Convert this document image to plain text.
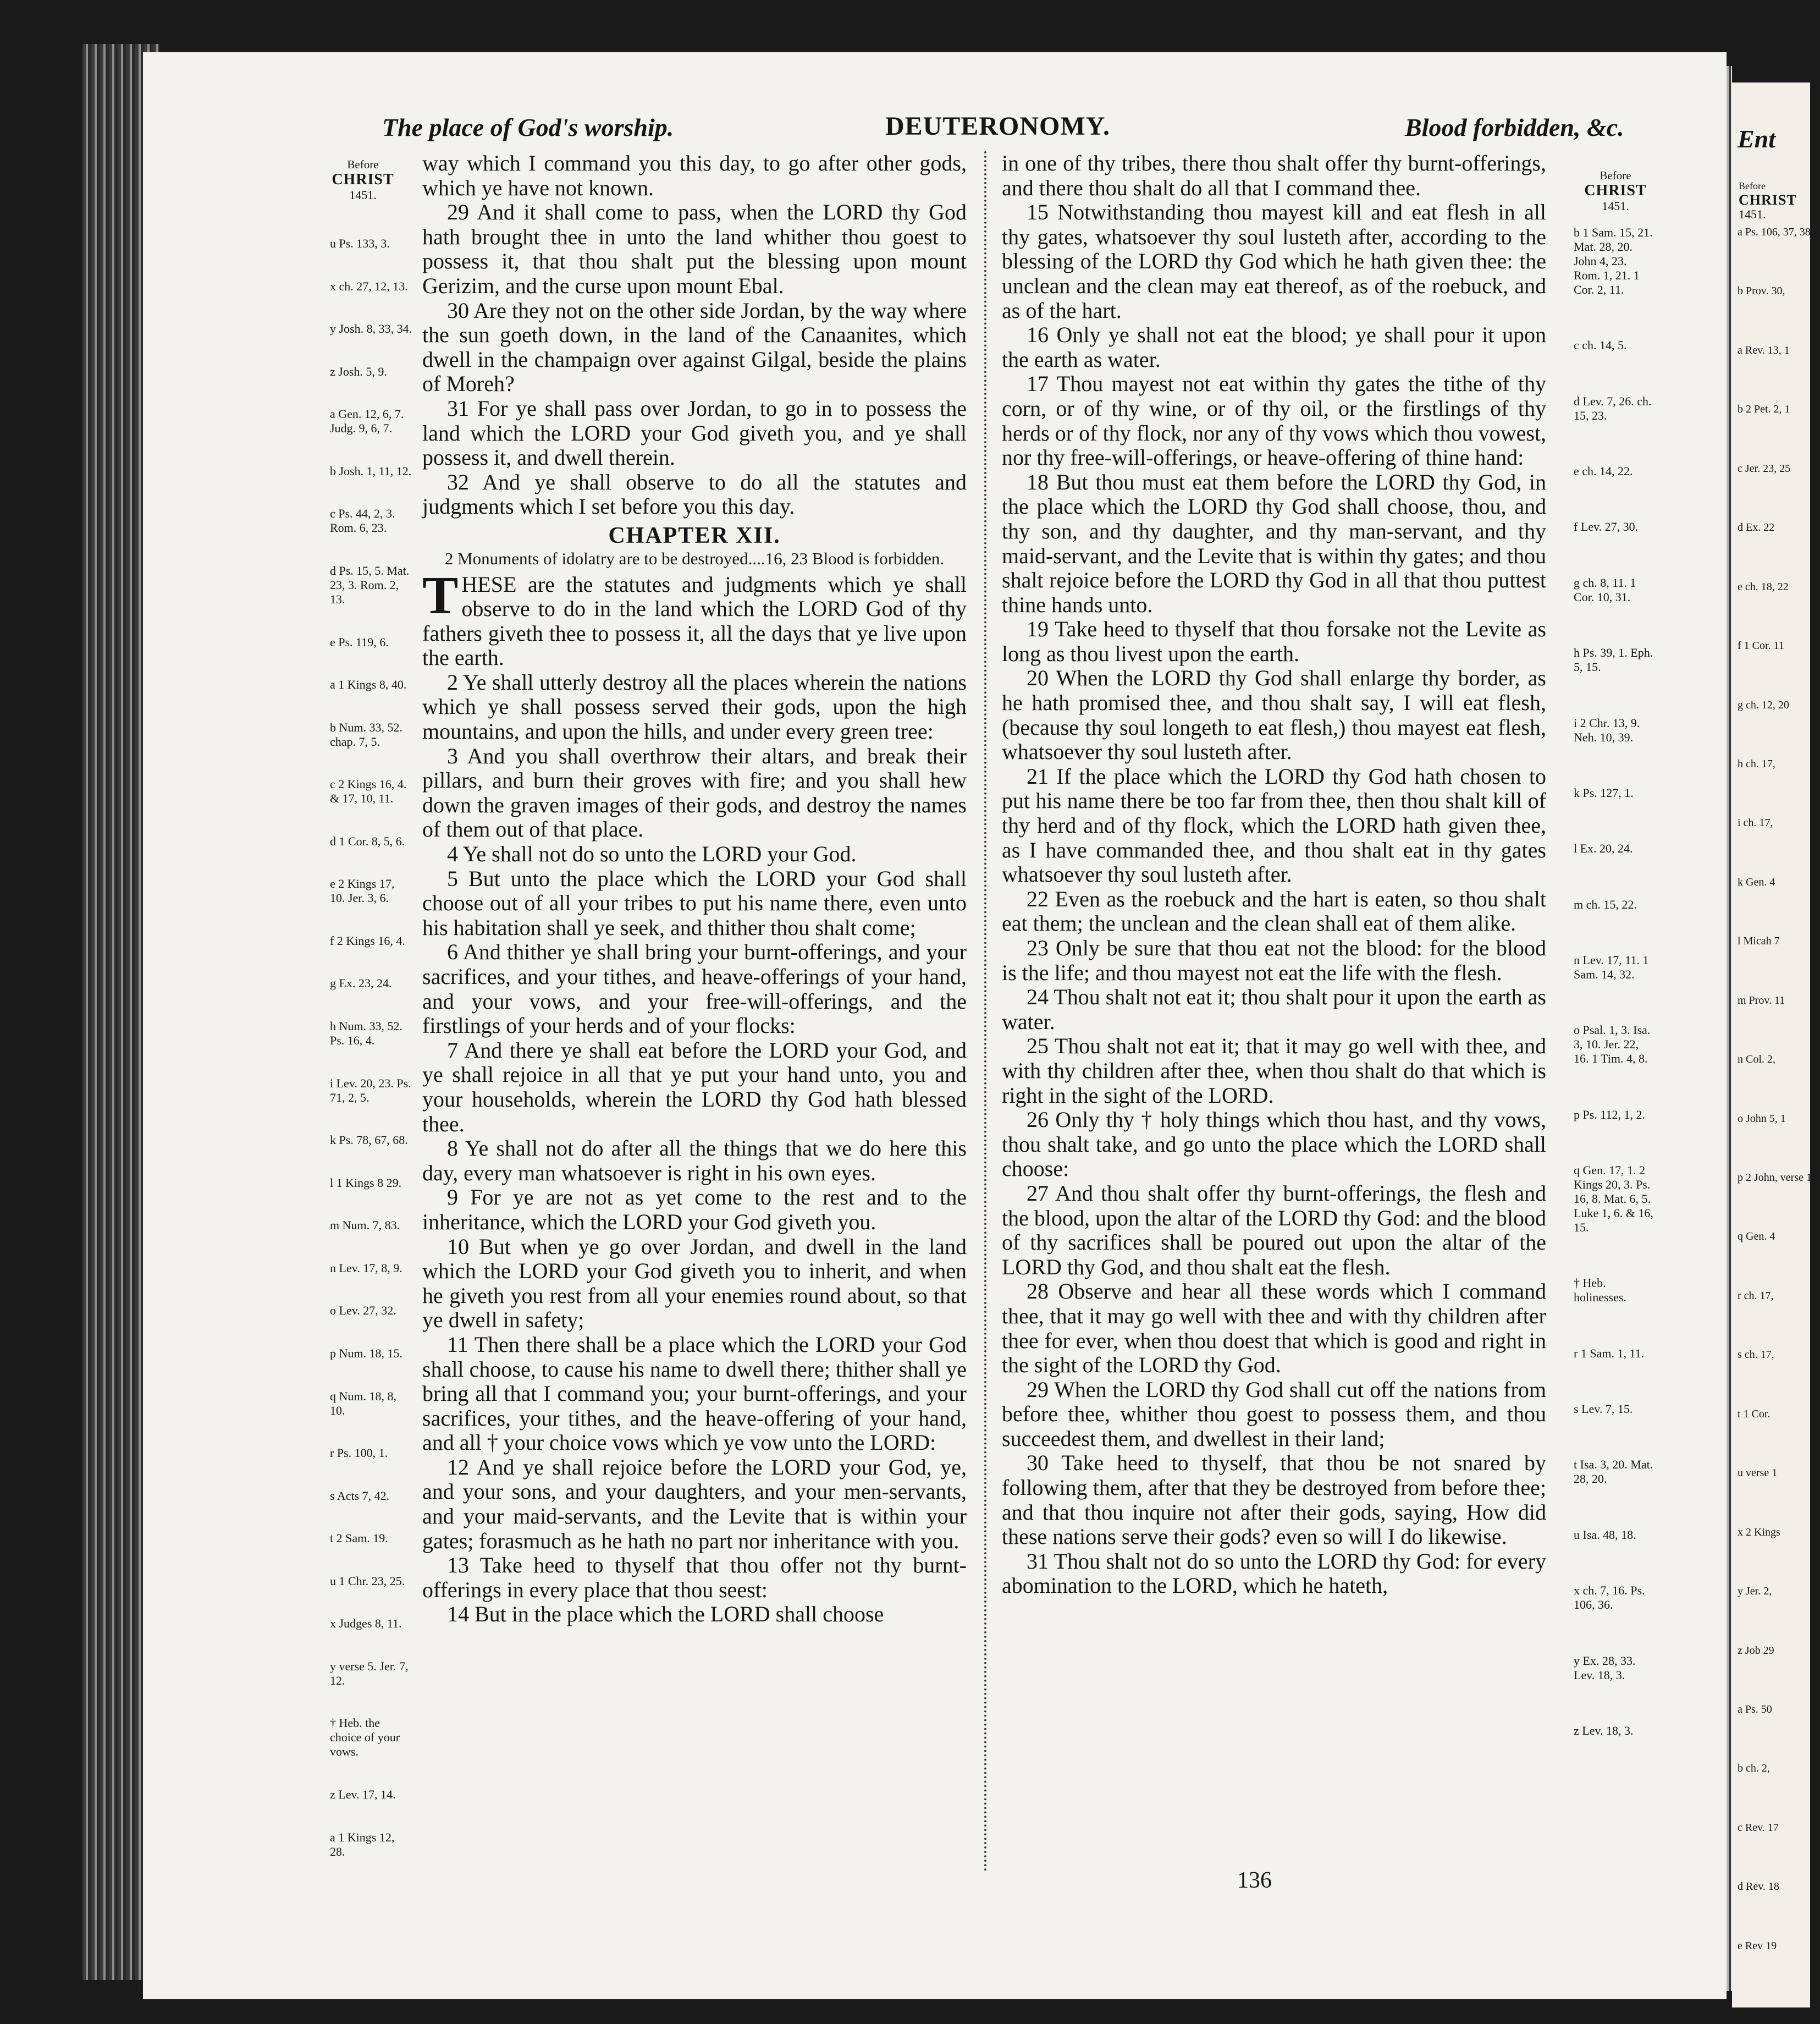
The place of God's worship.	DEUTERONOMY.	Blood forbidden, &c.
Before
CHRIST
1451.
Before
CHRIST
1451.
u Ps. 133, 3.
x ch. 27, 12, 13.
y Josh. 8, 33, 34.
z Josh. 5, 9.
a Gen. 12, 6, 7. Judg. 9, 6, 7.
b Josh. 1, 11, 12.
c Ps. 44, 2, 3. Rom. 6, 23.
d Ps. 15, 5. Mat. 23, 3. Rom. 2, 13.
e Ps. 119, 6.
a 1 Kings 8, 40.
b Num. 33, 52. chap. 7, 5.
c 2 Kings 16, 4. & 17, 10, 11.
d 1 Cor. 8, 5, 6.
e 2 Kings 17, 10. Jer. 3, 6.
f 2 Kings 16, 4.
g Ex. 23, 24.
h Num. 33, 52. Ps. 16, 4.
i Lev. 20, 23. Ps. 71, 2, 5.
k Ps. 78, 67, 68.
l 1 Kings 8 29.
m Num. 7, 83.
n Lev. 17, 8, 9.
o Lev. 27, 32.
p Num. 18, 15.
q Num. 18, 8, 10.
r Ps. 100, 1.
s Acts 7, 42.
t 2 Sam. 19.
u 1 Chr. 23, 25.
x Judges 8, 11.
y verse 5. Jer. 7, 12.
† Heb. the choice of your vows.
z Lev. 17, 14.
a 1 Kings 12, 28.
b 1 Sam. 15, 21. Mat. 28, 20. John 4, 23. Rom. 1, 21. 1 Cor. 2, 11.
c ch. 14, 5.
d Lev. 7, 26. ch. 15, 23.
e ch. 14, 22.
f Lev. 27, 30.
g ch. 8, 11. 1 Cor. 10, 31.
h Ps. 39, 1. Eph. 5, 15.
i 2 Chr. 13, 9. Neh. 10, 39.
k Ps. 127, 1.
l Ex. 20, 24.
m ch. 15, 22.
n Lev. 17, 11. 1 Sam. 14, 32.
o Psal. 1, 3. Isa. 3, 10. Jer. 22, 16. 1 Tim. 4, 8.
p Ps. 112, 1, 2.
q Gen. 17, 1. 2 Kings 20, 3. Ps. 16, 8. Mat. 6, 5. Luke 1, 6. & 16, 15.
† Heb. holinesses.
r 1 Sam. 1, 11.
s Lev. 7, 15.
t Isa. 3, 20. Mat. 28, 20.
u Isa. 48, 18.
x ch. 7, 16. Ps. 106, 36.
y Ex. 28, 33. Lev. 18, 3.
z Lev. 18, 3.

way which I command you this day, to go after other gods, which ye have not known.

29 And it shall come to pass, when the LORD thy God hath brought thee in unto the land whither thou goest to possess it, that thou shalt put the blessing upon mount Gerizim, and the curse upon mount Ebal.

30 Are they not on the other side Jordan, by the way where the sun goeth down, in the land of the Canaanites, which dwell in the champaign over against Gilgal, beside the plains of Moreh?

31 For ye shall pass over Jordan, to go in to possess the land which the LORD your God giveth you, and ye shall possess it, and dwell therein.

32 And ye shall observe to do all the statutes and judgments which I set before you this day.

CHAPTER XII.
2 Monuments of idolatry are to be destroyed....16, 23 Blood is forbidden.

THESE are the statutes and judgments which ye shall observe to do in the land which the LORD God of thy fathers giveth thee to possess it, all the days that ye live upon the earth.

2 Ye shall utterly destroy all the places wherein the nations which ye shall possess served their gods, upon the high mountains, and upon the hills, and under every green tree:

3 And you shall overthrow their altars, and break their pillars, and burn their groves with fire; and you shall hew down the graven images of their gods, and destroy the names of them out of that place.

4 Ye shall not do so unto the LORD your God.

5 But unto the place which the LORD your God shall choose out of all your tribes to put his name there, even unto his habitation shall ye seek, and thither thou shalt come;

6 And thither ye shall bring your burnt-offerings, and your sacrifices, and your tithes, and heave-offerings of your hand, and your vows, and your free-will-offerings, and the firstlings of your herds and of your flocks:

7 And there ye shall eat before the LORD your God, and ye shall rejoice in all that ye put your hand unto, you and your households, wherein the LORD thy God hath blessed thee.

8 Ye shall not do after all the things that we do here this day, every man whatsoever is right in his own eyes.

9 For ye are not as yet come to the rest and to the inheritance, which the LORD your God giveth you.

10 But when ye go over Jordan, and dwell in the land which the LORD your God giveth you to inherit, and when he giveth you rest from all your enemies round about, so that ye dwell in safety;

11 Then there shall be a place which the LORD your God shall choose, to cause his name to dwell there; thither shall ye bring all that I command you; your burnt-offerings, and your sacrifices, your tithes, and the heave-offering of your hand, and all † your choice vows which ye vow unto the LORD:

12 And ye shall rejoice before the LORD your God, ye, and your sons, and your daughters, and your men-servants, and your maid-servants, and the Levite that is within your gates; forasmuch as he hath no part nor inheritance with you.

13 Take heed to thyself that thou offer not thy burnt-offerings in every place that thou seest:

14 But in the place which the LORD shall choose

in one of thy tribes, there thou shalt offer thy burnt-offerings, and there thou shalt do all that I command thee.

15 Notwithstanding thou mayest kill and eat flesh in all thy gates, whatsoever thy soul lusteth after, according to the blessing of the LORD thy God which he hath given thee: the unclean and the clean may eat thereof, as of the roebuck, and as of the hart.

16 Only ye shall not eat the blood; ye shall pour it upon the earth as water.

17 Thou mayest not eat within thy gates the tithe of thy corn, or of thy wine, or of thy oil, or the firstlings of thy herds or of thy flock, nor any of thy vows which thou vowest, nor thy free-will-offerings, or heave-offering of thine hand:

18 But thou must eat them before the LORD thy God, in the place which the LORD thy God shall choose, thou, and thy son, and thy daughter, and thy man-servant, and thy maid-servant, and the Levite that is within thy gates; and thou shalt rejoice before the LORD thy God in all that thou puttest thine hands unto.

19 Take heed to thyself that thou forsake not the Levite as long as thou livest upon the earth.

20 When the LORD thy God shall enlarge thy border, as he hath promised thee, and thou shalt say, I will eat flesh, (because thy soul longeth to eat flesh,) thou mayest eat flesh, whatsoever thy soul lusteth after.

21 If the place which the LORD thy God hath chosen to put his name there be too far from thee, then thou shalt kill of thy herd and of thy flock, which the LORD hath given thee, as I have commanded thee, and thou shalt eat in thy gates whatsoever thy soul lusteth after.

22 Even as the roebuck and the hart is eaten, so thou shalt eat them; the unclean and the clean shall eat of them alike.

23 Only be sure that thou eat not the blood: for the blood is the life; and thou mayest not eat the life with the flesh.

24 Thou shalt not eat it; thou shalt pour it upon the earth as water.

25 Thou shalt not eat it; that it may go well with thee, and with thy children after thee, when thou shalt do that which is right in the sight of the LORD.

26 Only thy † holy things which thou hast, and thy vows, thou shalt take, and go unto the place which the LORD shall choose:

27 And thou shalt offer thy burnt-offerings, the flesh and the blood, upon the altar of the LORD thy God: and the blood of thy sacrifices shall be poured out upon the altar of the LORD thy God, and thou shalt eat the flesh.

28 Observe and hear all these words which I command thee, that it may go well with thee and with thy children after thee for ever, when thou doest that which is good and right in the sight of the LORD thy God.

29 When the LORD thy God shall cut off the nations from before thee, whither thou goest to possess them, and thou succeedest them, and dwellest in their land;

30 Take heed to thyself, that thou be not snared by following them, after that they be destroyed from before thee; and that thou inquire not after their gods, saying, How did these nations serve their gods? even so will I do likewise.

31 Thou shalt not do so unto the LORD thy God: for every abomination to the LORD, which he hateth,

136
Ent
Before
CHRIST
1451.
a Ps. 106, 37, 38.
b Prov. 30,
a Rev. 13, 1
b 2 Pet. 2, 1
c Jer. 23, 25
d Ex. 22
e ch. 18, 22
f 1 Cor. 11
g ch. 12, 20
h ch. 17,
i ch. 17,
k Gen. 4
l Micah 7
m Prov. 11
n Col. 2,
o John 5, 1
p 2 John, verse 10.
q Gen. 4
r ch. 17,
s ch. 17,
t 1 Cor.
u verse 1
x 2 Kings
y Jer. 2,
z Job 29
a Ps. 50
b ch. 2,
c Rev. 17
d Rev. 18
e Rev 19
